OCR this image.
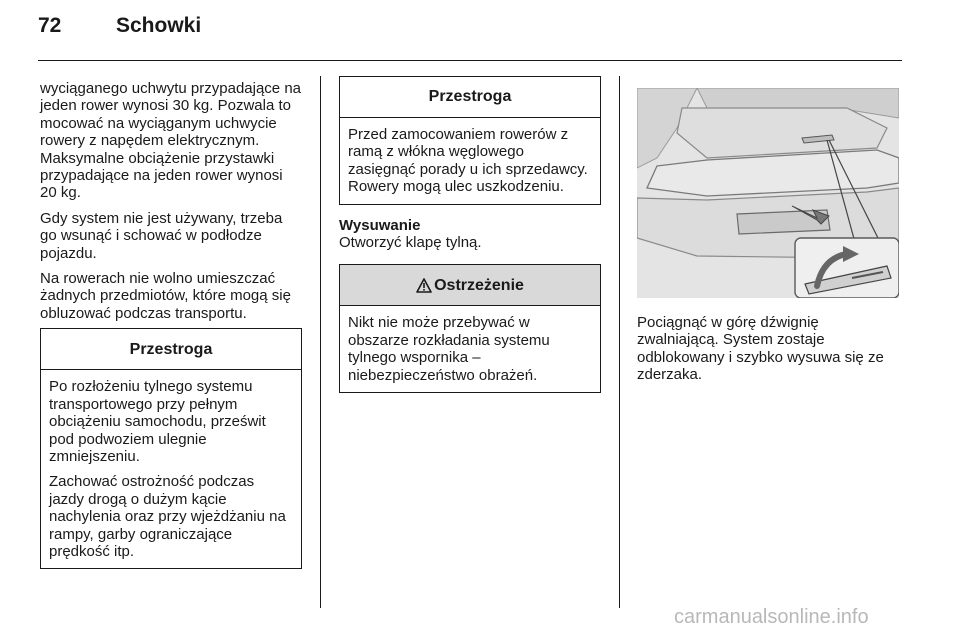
72	Schowki

wyciąganego uchwytu przypadające na jeden rower wynosi 30 kg. Pozwala to mocować na wyciąganym uchwycie rowery z napędem elektrycznym. Maksymalne obciążenie przystawki przypadające na jeden rower wynosi 20 kg.

Gdy system nie jest używany, trzeba go wsunąć i schować w podłodze pojazdu.

Na rowerach nie wolno umieszczać żadnych przedmiotów, które mogą się obluzować podczas transportu.

Przestroga

Po rozłożeniu tylnego systemu transportowego przy pełnym obciążeniu samochodu, prześwit pod podwoziem ulegnie zmniejszeniu.

Zachować ostrożność podczas jazdy drogą o dużym kącie nachylenia oraz przy wjeżdżaniu na rampy, garby ograniczające prędkość itp.

Przestroga

Przed zamocowaniem rowerów z ramą z włókna węglowego zasięgnąć porady u ich sprzedawcy. Rowery mogą ulec uszkodzeniu.

Wysuwanie
Otworzyć klapę tylną.
Ostrzeżenie

Nikt nie może przebywać w obszarze rozkładania systemu tylnego wspornika – niebezpieczeństwo obrażeń.

Pociągnąć w górę dźwignię zwalniającą. System zostaje odblokowany i szybko wysuwa się ze zderzaka.

carmanualsonline.info
